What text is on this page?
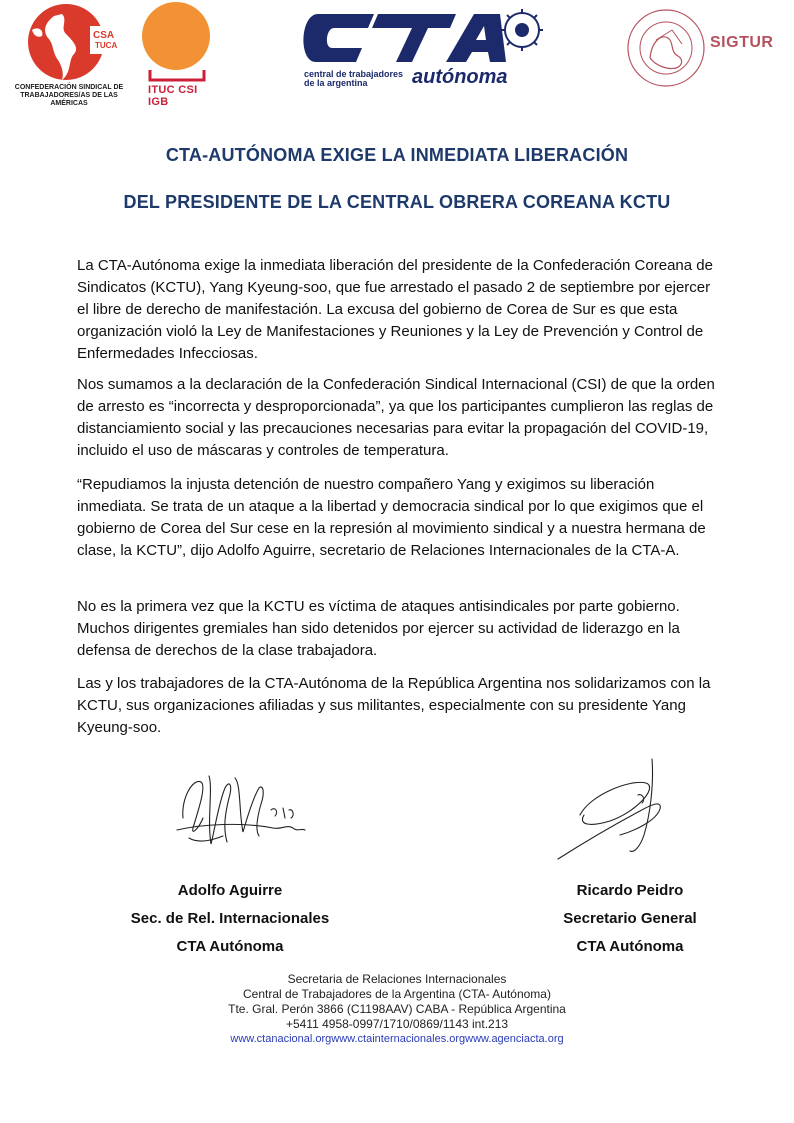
CSA
TUCA
CONFEDERACIÓN SINDICAL DE
TRABAJADORES/AS DE LAS AMÉRICAS
ITUC CSI IGB
central de trabajadores
de la argentina autónoma
SIGTUR
CTA-AUTÓNOMA EXIGE LA INMEDIATA LIBERACIÓN
DEL PRESIDENTE DE LA CENTRAL OBRERA COREANA KCTU
La CTA-Autónoma exige la inmediata liberación del presidente de la Confederación Coreana de Sindicatos (KCTU), Yang Kyeung-soo, que fue arrestado el pasado 2 de septiembre por ejercer el libre de derecho de manifestación. La excusa del gobierno de Corea de Sur es que esta organización violó la Ley de Manifestaciones y Reuniones y la Ley de Prevención y Control de Enfermedades Infecciosas.
Nos sumamos a la declaración de la Confederación Sindical Internacional (CSI) de que la orden de arresto es “incorrecta y desproporcionada”, ya que los participantes cumplieron las reglas de distanciamiento social y las precauciones necesarias para evitar la propagación del COVID-19, incluido el uso de máscaras y controles de temperatura.
“Repudiamos la injusta detención de nuestro compañero Yang y exigimos su liberación inmediata. Se trata de un ataque a la libertad y democracia sindical por lo que exigimos que el gobierno de Corea del Sur cese en la represión al movimiento sindical y a nuestra hermana de clase, la KCTU”, dijo Adolfo Aguirre, secretario de Relaciones Internacionales de la CTA-A.
No es la primera vez que la KCTU es víctima de ataques antisindicales por parte gobierno. Muchos dirigentes gremiales han sido detenidos por ejercer su actividad de liderazgo en la defensa de derechos de la clase trabajadora.
Las y los trabajadores de la CTA-Autónoma de la República Argentina nos solidarizamos con la KCTU, sus organizaciones afiliadas y sus militantes, especialmente con su presidente Yang Kyeung-soo.
Adolfo Aguirre
Sec. de Rel. Internacionales
CTA Autónoma
Ricardo Peidro
Secretario General
CTA Autónoma
Secretaria de Relaciones Internacionales
Central de Trabajadores de la Argentina (CTA- Autónoma)
Tte. Gral. Perón 3866 (C1198AAV) CABA - República Argentina
+5411 4958-0997/1710/0869/1143 int.213
www.ctanacional.orgwww.ctainternacionales.orgwww.agenciacta.org
